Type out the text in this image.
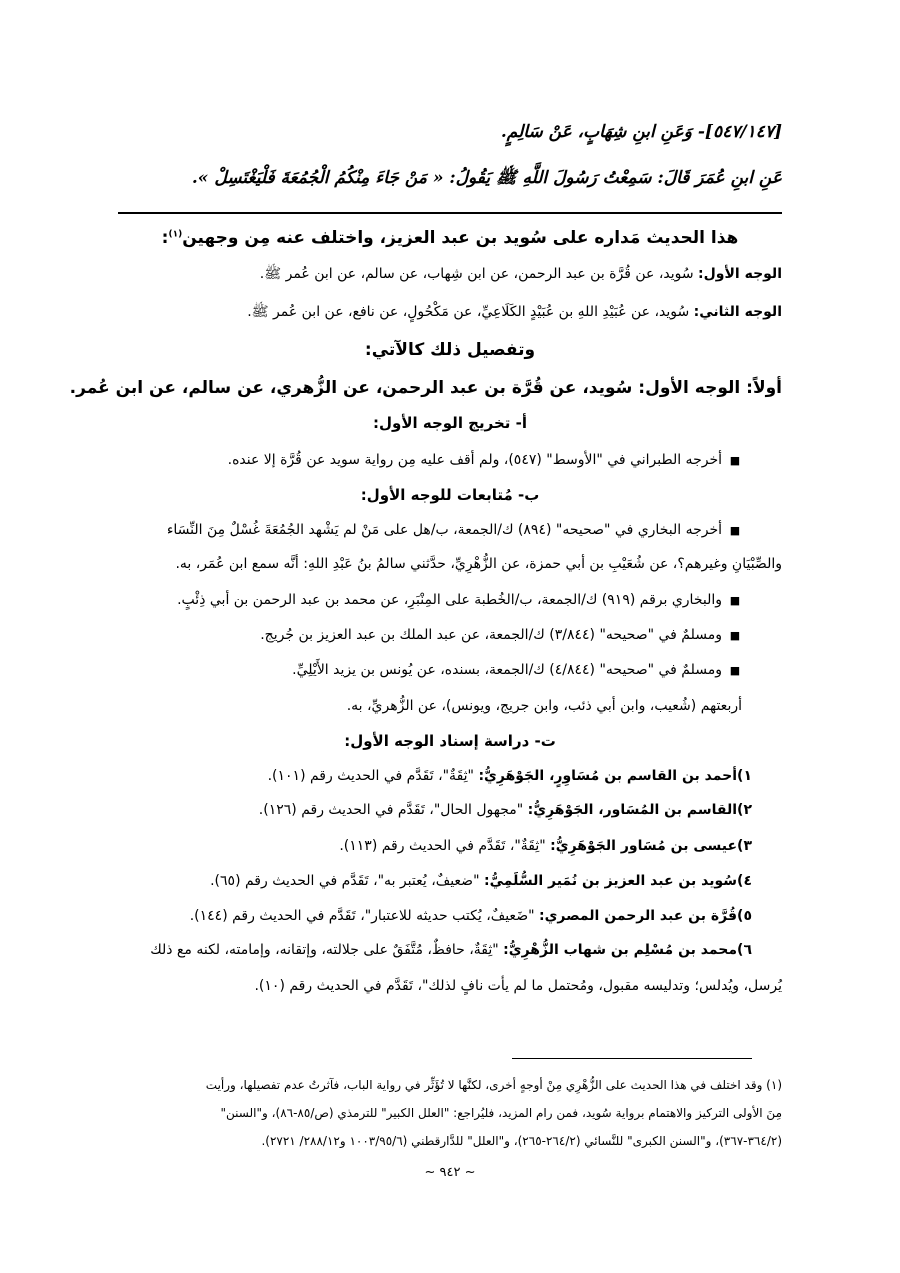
[٥٤٧/١٤٧]- وَعَنِ ابنِ شِهَابٍ، عَنْ سَالِمٍ.
عَنِ ابنِ عُمَرَ قَالَ: سَمِعْتُ رَسُولَ اللَّهِ ﷺ يَقُولُ: « مَنْ جَاءَ مِنْكُمُ الْجُمُعَةَ فَلْيَغْتَسِلْ ».
هذا الحديث مَداره على سُويد بن عبد العزيز، واختلف عنه مِن وجهين$^{(١)}$:
الوجه الأول: سُويد، عن قُرَّة بن عبد الرحمن، عن ابن شِهاب، عن سالم، عن ابن عُمر ﷺ.
الوجه الثاني: سُويد، عن عُبَيْدِ اللهِ بن عُبَيْدٍ الكَلَاعِيِّ، عن مَكْحُولٍ، عن نافع، عن ابن عُمر ﷺ.
وتفصيل ذلك كالآتي:
أولاً: الوجه الأول: سُويد، عن قُرَّة بن عبد الرحمن، عن الزُّهري، عن سالم، عن ابن عُمر.
أ- تخريج الوجه الأول:
■أخرجه الطبراني في "الأوسط" (٥٤٧)، ولم أقف عليه مِن رواية سويد عن قُرَّة إلا عنده.
ب- مُتابعات للوجه الأول:
■أخرجه البخاري في "صحيحه" (٨٩٤) ك/الجمعة، ب/هل على مَنْ لم يَشْهد الجُمُعَةَ غُسْلٌ مِنَ النِّسَاء
والصِّبْيَانِ وغيرهم؟، عن شُعَيْبِ بن أبي حمزة، عن الزُّهْرِيِّ، حدَّثني سالمُ بنُ عَبْدِ اللهِ: أنَّه سمع ابن عُمَر، به.
■والبخاري برقم (٩١٩) ك/الجمعة، ب/الخُطبة على المِنْبَرِ، عن محمد بن عبد الرحمن بن أبي ذِئْبٍ.
■ومسلمٌ في "صحيحه" (٣/٨٤٤) ك/الجمعة، عن عبد الملك بن عبد العزيز بن جُريج.
■ومسلمٌ في "صحيحه" (٤/٨٤٤) ك/الجمعة، بسنده، عن يُونس بن يزيد الأَيْلِيِّ.
أربعتهم (شُعيب، وابن أبي ذئب، وابن جريج، ويونس)، عن الزُّهريِّ، به.
ت- دراسة إسناد الوجه الأول:
١)أحمد بن القاسم بن مُسَاوِرٍ، الجَوْهَرِيُّ: "ثِقَةٌ"، تَقَدَّم في الحديث رقم (١٠١).
٢)القاسم بن المُسَاور، الجَوْهَرِيُّ: "مجهول الحال"، تَقَدَّم في الحديث رقم (١٢٦).
٣)عيسى بن مُسَاور الجَوْهَرِيُّ: "ثِقَةٌ"، تَقَدَّم في الحديث رقم (١١٣).
٤)سُويد بن عبد العزيز بن نُمَير السُّلَمِيُّ: "ضعيفٌ، يُعتبر به"، تَقَدَّم في الحديث رقم (٦٥).
٥)قُرَّة بن عبد الرحمن المصري: "ضَعيفٌ، يُكتب حديثه للاعتبار"، تَقَدَّم في الحديث رقم (١٤٤).
٦)محمد بن مُسْلِم بن شهاب الزُّهْرِيُّ: "ثِقَةٌ، حافظٌ، مُتَّفَقٌ على جلالته، وإتقانه، وإمامته، لكنه مع ذلك
يُرسل، ويُدلس؛ وتدليسه مقبول، ومُحتمل ما لم يأت نافٍ لذلك"، تَقَدَّم في الحديث رقم (١٠).
(١) وقد اختلف في هذا الحديث على الزُّهْرِي مِنْ أوجهٍ أخرى، لكنَّها لا تُؤَثِّر في رواية الباب، فآثرتُ عدم تفصيلها، ورأيت
مِنَ الأولى التركيز والاهتمام برواية سُويد، فمن رام المزيد، فليُراجع: "العلل الكبير" للترمذي (ص/٨٥-٨٦)، و"السنن"
(٣٦٤/٢-٣٦٧)، و"السنن الكبرى" للنَّسائي (٢٦٤/٢-٢٦٥)، و"العلل" للدَّارقطني (١٠٠٣/٩٥/٦ و٢٨٨/١٢/ ٢٧٢١).
~ ٩٤٢ ~
